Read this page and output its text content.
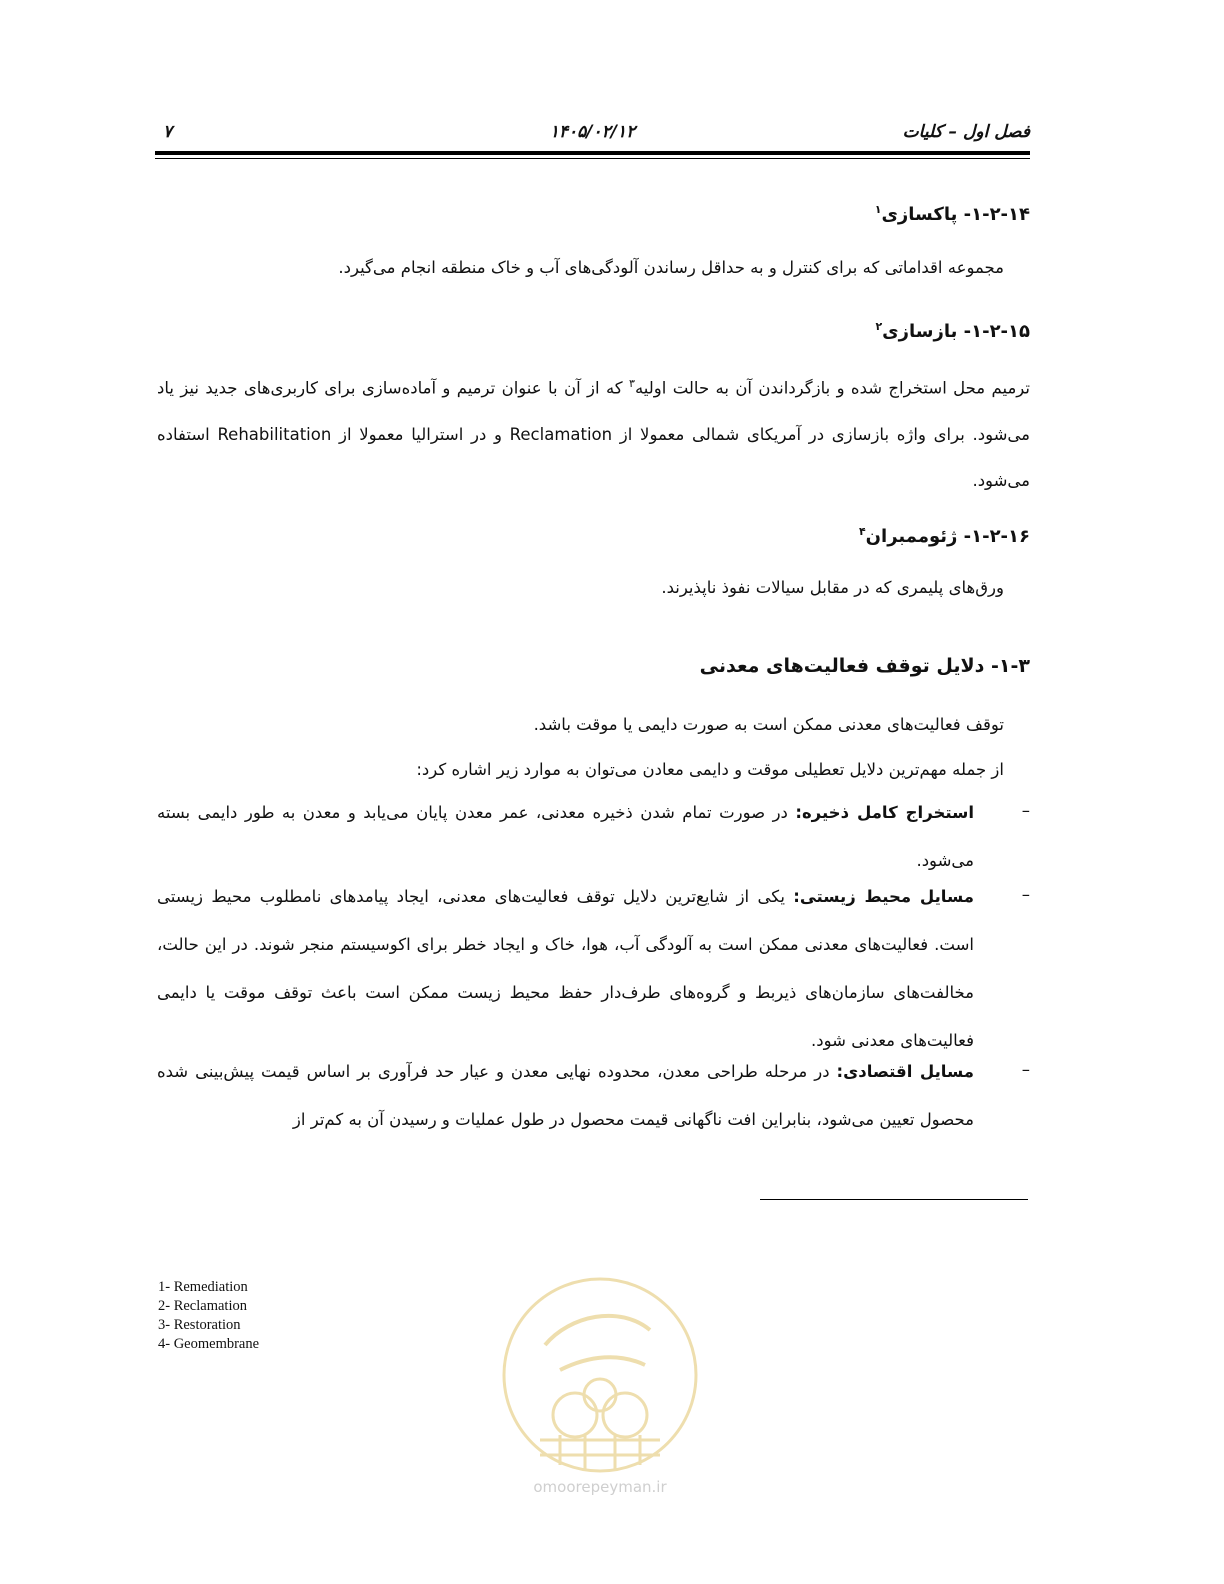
فصل اول – کلیات
۱۴۰۵/۰۲/۱۲
۷
۱-۲-۱۴- پاکسازی$^۱$
مجموعه اقداماتی که برای کنترل و به حداقل رساندن آلودگی‌های آب و خاک منطقه انجام می‌گیرد.
۱-۲-۱۵- بازسازی$^۲$
ترمیم محل استخراج شده و بازگرداندن آن به حالت اولیه$^۳$ که از آن با عنوان ترمیم و آماده‌سازی برای کاربری‌های جدید نیز یاد می‌شود. برای واژه بازسازی در آمریکای شمالی معمولا از Reclamation و در استرالیا معمولا از Rehabilitation استفاده می‌شود.
۱-۲-۱۶- ژئوممبران$^۴$
ورق‌های پلیمری که در مقابل سیالات نفوذ ناپذیرند.
۱-۳- دلایل توقف فعالیت‌های معدنی
توقف فعالیت‌های معدنی ممکن است به صورت دایمی یا موقت باشد.
از جمله مهم‌ترین دلایل تعطیلی موقت و دایمی معادن می‌توان به موارد زیر اشاره کرد:
–
استخراج کامل ذخیره: در صورت تمام شدن ذخیره معدنی، عمر معدن پایان می‌یابد و معدن به طور دایمی بسته می‌شود.
–
مسایل محیط زیستی: یکی از شایع‌ترین دلایل توقف فعالیت‌های معدنی، ایجاد پیامدهای نامطلوب محیط زیستی است. فعالیت‌های معدنی ممکن است به آلودگی آب، هوا، خاک و ایجاد خطر برای اکوسیستم منجر شوند. در این حالت، مخالفت‌های سازمان‌های ذیربط و گروه‌های طرف‌دار حفظ محیط زیست ممکن است باعث توقف موقت یا دایمی فعالیت‌های معدنی شود.
–
مسایل اقتصادی: در مرحله طراحی معدن، محدوده نهایی معدن و عیار حد فرآوری بر اساس قیمت پیش‌بینی شده محصول تعیین می‌شود، بنابراین افت ناگهانی قیمت محصول در طول عملیات و رسیدن آن به کم‌تر از
1- Remediation
2- Reclamation
3- Restoration
4- Geomembrane
omoorepeyman.ir
